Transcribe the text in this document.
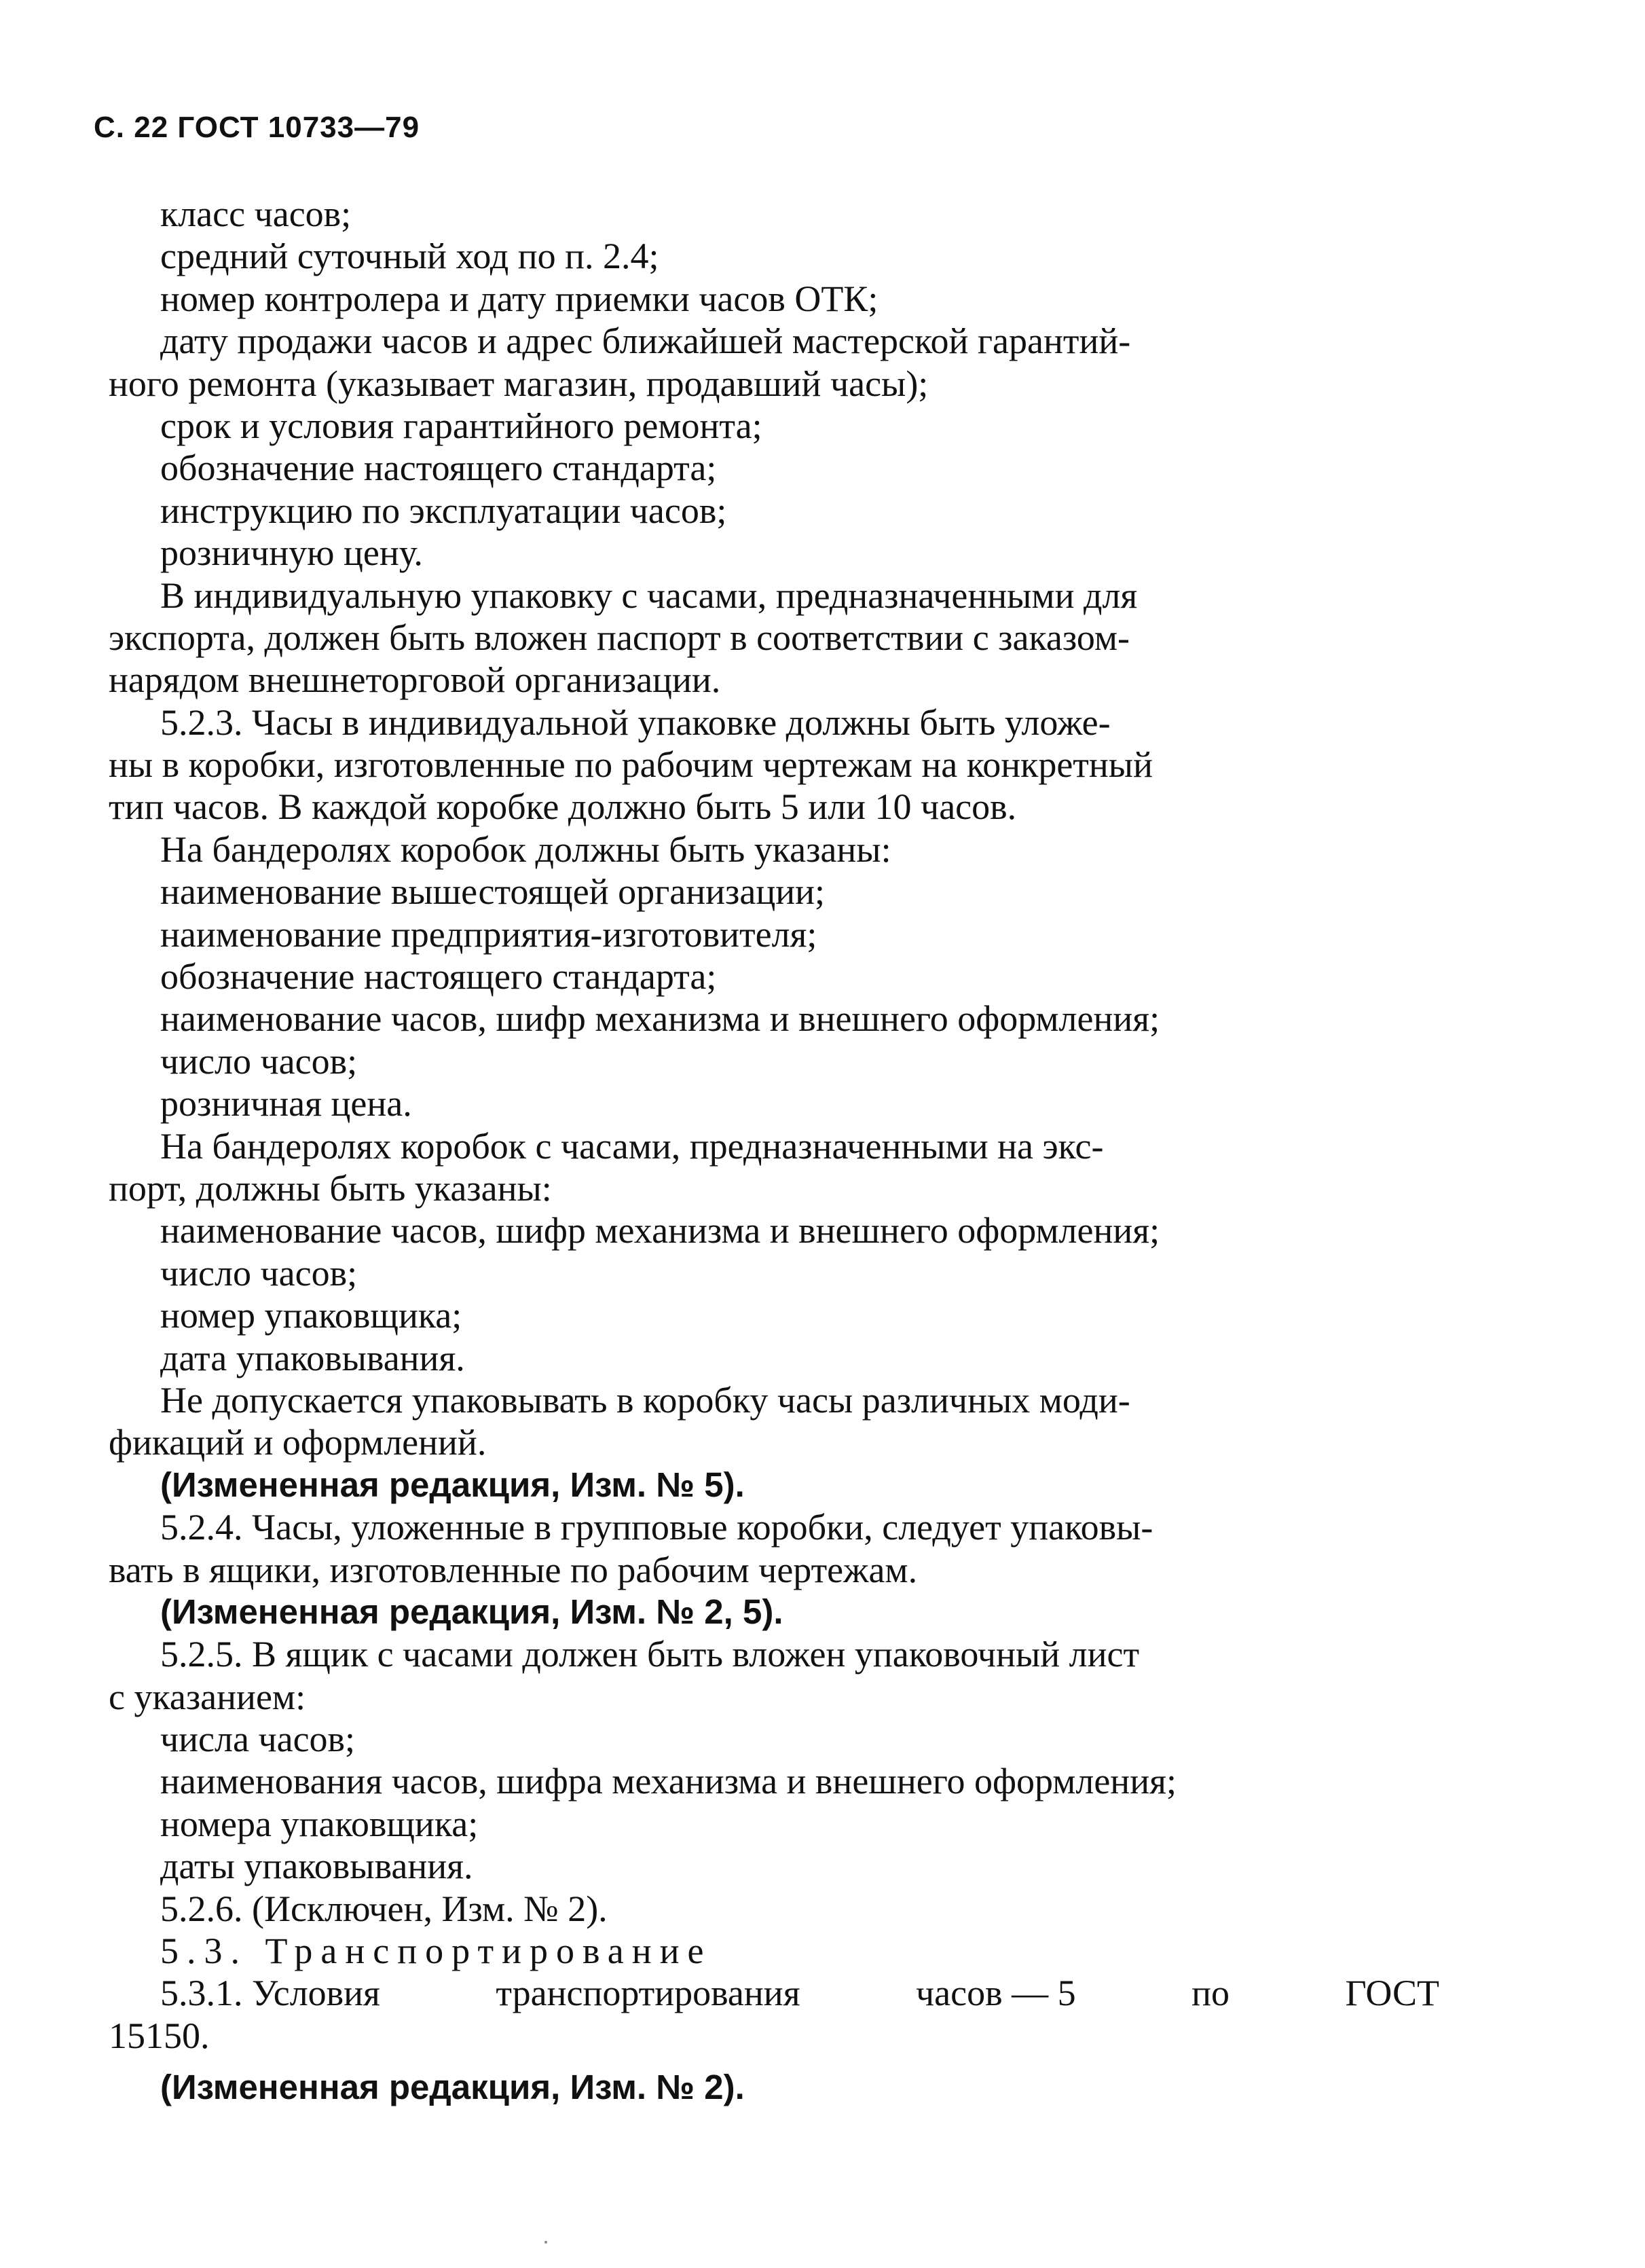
С. 22 ГОСТ 10733—79
класс часов;
средний суточный ход по п. 2.4;
номер контролера и дату приемки часов ОТК;
дату продажи часов и адрес ближайшей мастерской гарантий-
ного ремонта (указывает магазин, продавший часы);
срок и условия гарантийного ремонта;
обозначение настоящего стандарта;
инструкцию по эксплуатации часов;
розничную цену.
В индивидуальную упаковку с часами, предназначенными для
экспорта, должен быть вложен паспорт в соответствии с заказом-
нарядом внешнеторговой организации.
5.2.3. Часы в индивидуальной упаковке должны быть уложе-
ны в коробки, изготовленные по рабочим чертежам на конкретный
тип часов. В каждой коробке должно быть 5 или 10 часов.
На бандеролях коробок должны быть указаны:
наименование вышестоящей организации;
наименование предприятия-изготовителя;
обозначение настоящего стандарта;
наименование часов, шифр механизма и внешнего оформления;
число часов;
розничная цена.
На бандеролях коробок с часами, предназначенными на экс-
порт, должны быть указаны:
наименование часов, шифр механизма и внешнего оформления;
число часов;
номер упаковщика;
дата упаковывания.
Не допускается упаковывать в коробку часы различных моди-
фикаций и оформлений.
(Измененная редакция, Изм. № 5).
5.2.4. Часы, уложенные в групповые коробки, следует упаковы-
вать в ящики, изготовленные по рабочим чертежам.
(Измененная редакция, Изм. № 2, 5).
5.2.5. В ящик с часами должен быть вложен упаковочный лист
с указанием:
числа часов;
наименования часов, шифра механизма и внешнего оформления;
номера упаковщика;
даты упаковывания.
5.2.6. (Исключен, Изм. № 2).
5.3. Транспортирование
5.3.1. Условия	транспортирования	часов — 5	по	ГОСТ
15150.
(Измененная редакция, Изм. № 2).
